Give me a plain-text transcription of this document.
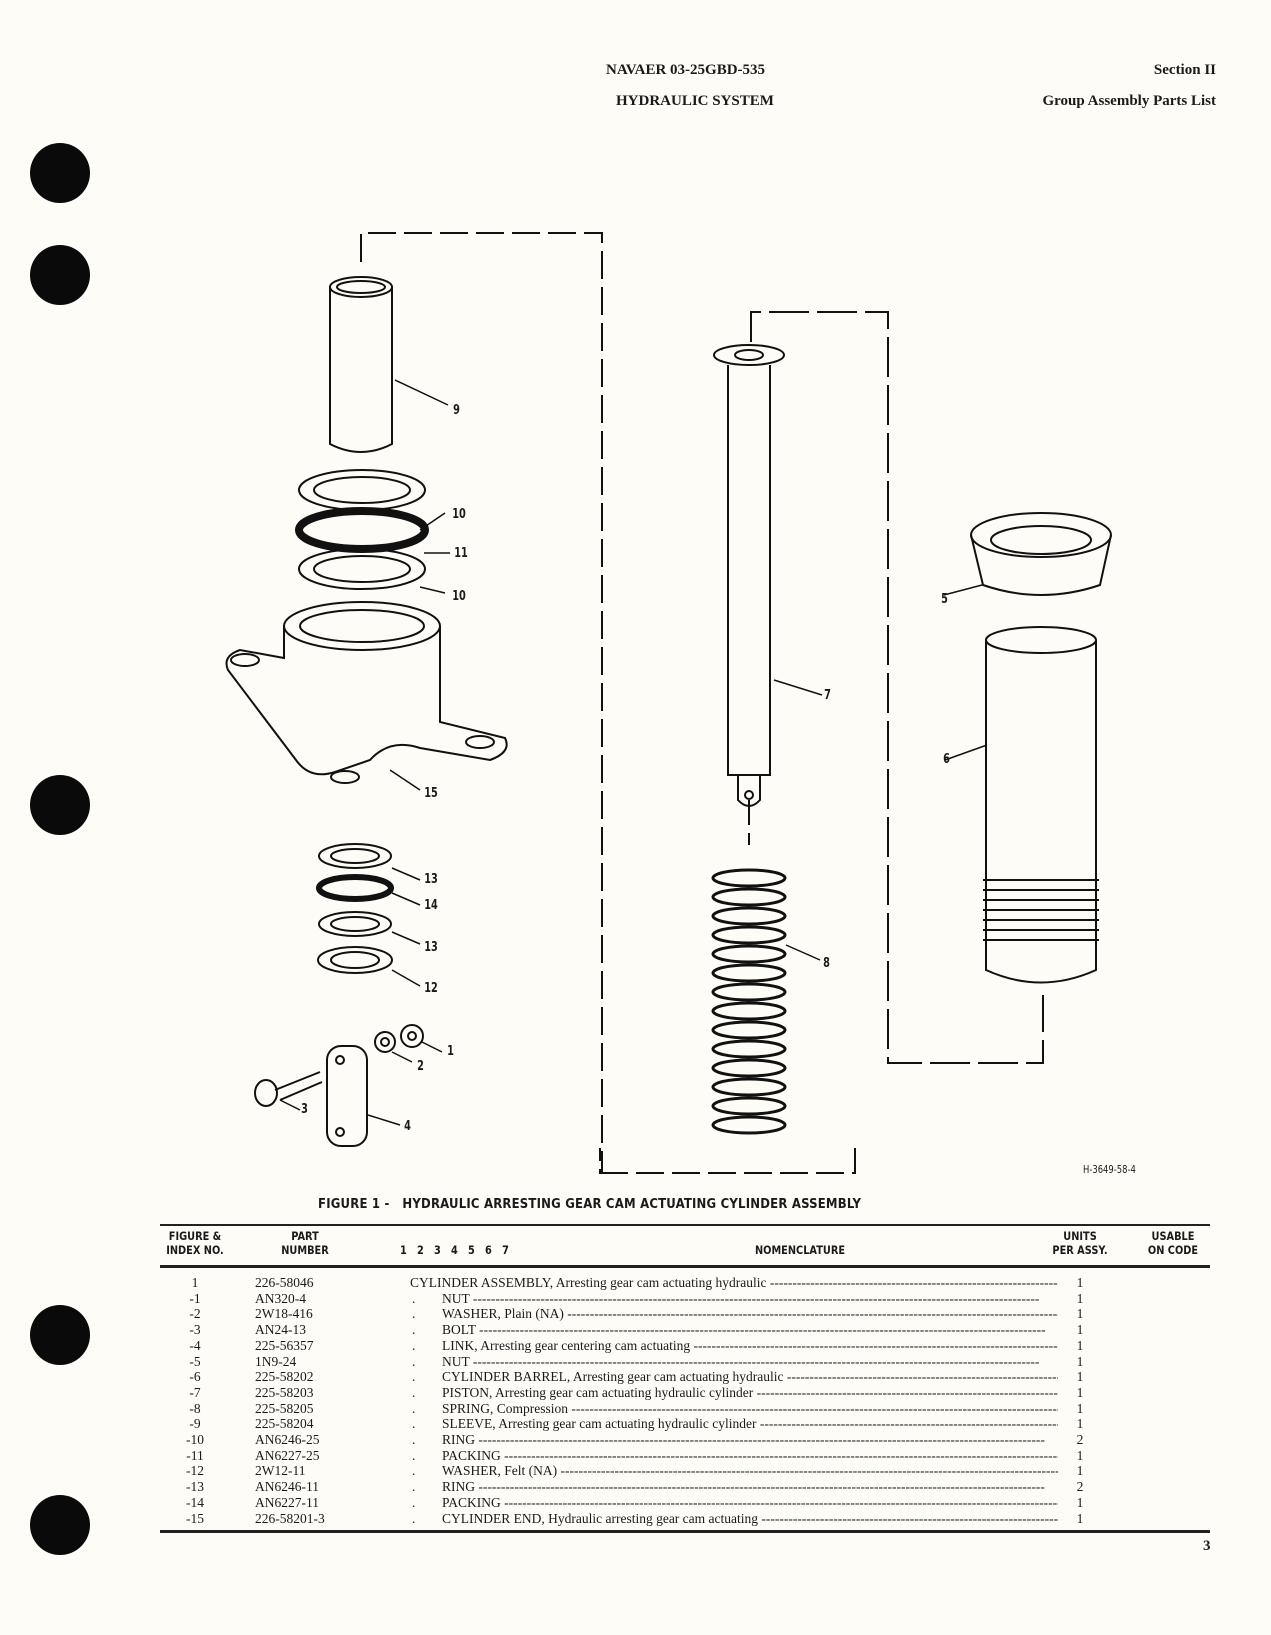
NAVAER 03-25GBD-535
HYDRAULIC SYSTEM
Section II
Group Assembly Parts List
9
10
11
10
15
13
14
13
12
1
2
3
4
5
6
7
8
H-3649-58-4
FIGURE 1 -   HYDRAULIC ARRESTING GEAR CAM ACTUATING CYLINDER ASSEMBLY
FIGURE &
INDEX NO.
PART
NUMBER	1   2   3   4   5   6   7	NOMENCLATURE
UNITS
PER ASSY.
USABLE
ON CODE
1	226-58046	CYLINDER ASSEMBLY, Arresting gear cam actuating hydraulic -----	1
-1	AN320-4	. NUT -----	1
-2	2W18-416	. WASHER, Plain (NA) -----	1
-3	AN24-13	. BOLT -----	1
-4	225-56357	. LINK, Arresting gear centering cam actuating -----	1
-5	1N9-24	. NUT -----	1
-6	225-58202	. CYLINDER BARREL, Arresting gear cam actuating hydraulic -----	1
-7	225-58203	. PISTON, Arresting gear cam actuating hydraulic cylinder -----	1
-8	225-58205	. SPRING, Compression -----	1
-9	225-58204	. SLEEVE, Arresting gear cam actuating hydraulic cylinder -----	1
-10	AN6246-25	. RING -----	2
-11	AN6227-25	. PACKING -----	1
-12	2W12-11	. WASHER, Felt (NA) -----	1
-13	AN6246-11	. RING -----	2
-14	AN6227-11	. PACKING -----	1
-15	226-58201-3	. CYLINDER END, Hydraulic arresting gear cam actuating -----	1
3
